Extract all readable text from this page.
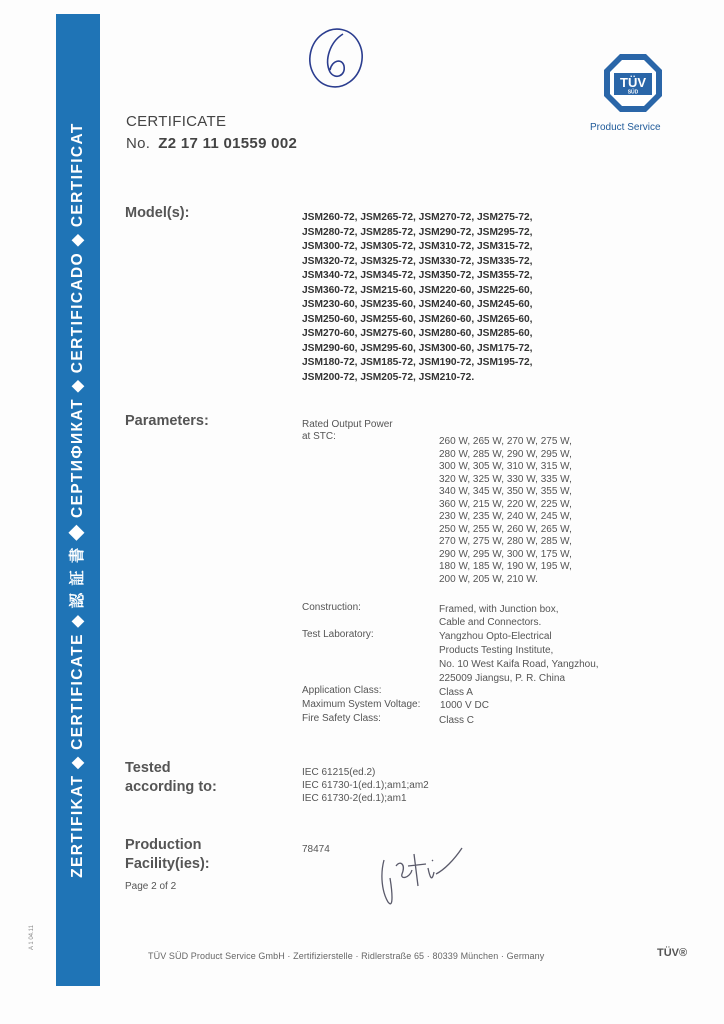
ZERTIFIKAT ◆ CERTIFICATE ◆ 認 証 書 ◆ СЕРТИФИКАТ ◆ CERTIFICADO ◆ CERTIFICAT
A 1 04.11
TÜV
SÜD
Product Service
CERTIFICATE
No. Z2 17 11 01559 002
Model(s):	JSM260-72, JSM265-72, JSM270-72, JSM275-72,
JSM280-72, JSM285-72, JSM290-72, JSM295-72,
JSM300-72, JSM305-72, JSM310-72, JSM315-72,
JSM320-72, JSM325-72, JSM330-72, JSM335-72,
JSM340-72, JSM345-72, JSM350-72, JSM355-72,
JSM360-72, JSM215-60, JSM220-60, JSM225-60,
JSM230-60, JSM235-60, JSM240-60, JSM245-60,
JSM250-60, JSM255-60, JSM260-60, JSM265-60,
JSM270-60, JSM275-60, JSM280-60, JSM285-60,
JSM290-60, JSM295-60, JSM300-60, JSM175-72,
JSM180-72, JSM185-72, JSM190-72, JSM195-72,
JSM200-72, JSM205-72, JSM210-72.
Parameters:	Rated Output Power
at STC:	260 W, 265 W, 270 W, 275 W,
280 W, 285 W, 290 W, 295 W,
300 W, 305 W, 310 W, 315 W,
320 W, 325 W, 330 W, 335 W,
340 W, 345 W, 350 W, 355 W,
360 W, 215 W, 220 W, 225 W,
230 W, 235 W, 240 W, 245 W,
250 W, 255 W, 260 W, 265 W,
270 W, 275 W, 280 W, 285 W,
290 W, 295 W, 300 W, 175 W,
180 W, 185 W, 190 W, 195 W,
200 W, 205 W, 210 W.
Construction:	Framed, with Junction box,
Cable and Connectors.
Test Laboratory:	Yangzhou Opto-Electrical
Products Testing Institute,
No. 10 West Kaifa Road, Yangzhou,
225009 Jiangsu, P. R. China
Application Class:	Class A
Maximum System Voltage: 1000 V DC
Fire Safety Class:	Class C
Tested
according to:
IEC 61215(ed.2)
IEC 61730-1(ed.1);am1;am2
IEC 61730-2(ed.1);am1
Production
Facility(ies):
78474
Page 2 of 2
TÜV SÜD Product Service GmbH · Zertifizierstelle · Ridlerstraße 65 · 80339 München · Germany	TÜV®
